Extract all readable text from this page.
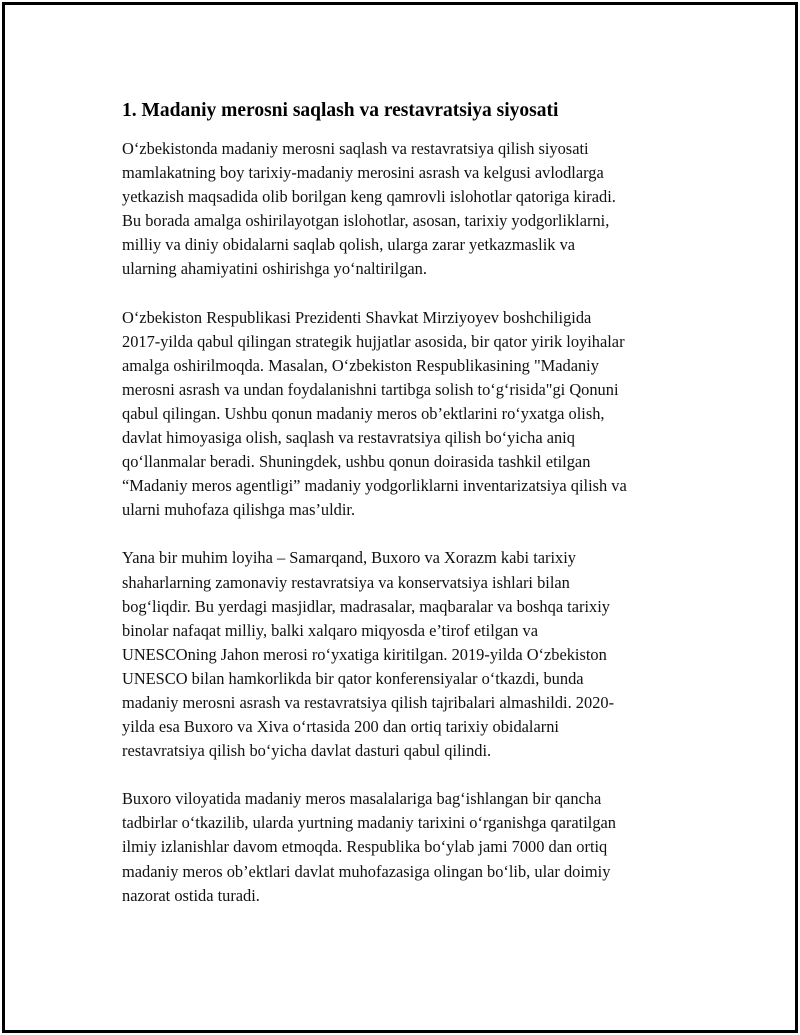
1. Madaniy merosni saqlash va restavratsiya siyosati

O‘zbekistonda madaniy merosni saqlash va restavratsiya qilish siyosati
mamlakatning boy tarixiy-madaniy merosini asrash va kelgusi avlodlarga
yetkazish maqsadida olib borilgan keng qamrovli islohotlar qatoriga kiradi.
Bu borada amalga oshirilayotgan islohotlar, asosan, tarixiy yodgorliklarni,
milliy va diniy obidalarni saqlab qolish, ularga zarar yetkazmaslik va
ularning ahamiyatini oshirishga yo‘naltirilgan.

O‘zbekiston Respublikasi Prezidenti Shavkat Mirziyoyev boshchiligida
2017-yilda qabul qilingan strategik hujjatlar asosida, bir qator yirik loyihalar
amalga oshirilmoqda. Masalan, O‘zbekiston Respublikasining "Madaniy
merosni asrash va undan foydalanishni tartibga solish to‘g‘risida"gi Qonuni
qabul qilingan. Ushbu qonun madaniy meros ob’ektlarini ro‘yxatga olish,
davlat himoyasiga olish, saqlash va restavratsiya qilish bo‘yicha aniq
qo‘llanmalar beradi. Shuningdek, ushbu qonun doirasida tashkil etilgan
“Madaniy meros agentligi” madaniy yodgorliklarni inventarizatsiya qilish va
ularni muhofaza qilishga mas’uldir.

Yana bir muhim loyiha – Samarqand, Buxoro va Xorazm kabi tarixiy
shaharlarning zamonaviy restavratsiya va konservatsiya ishlari bilan
bog‘liqdir. Bu yerdagi masjidlar, madrasalar, maqbaralar va boshqa tarixiy
binolar nafaqat milliy, balki xalqaro miqyosda e’tirof etilgan va
UNESCOning Jahon merosi ro‘yxatiga kiritilgan. 2019-yilda O‘zbekiston
UNESCO bilan hamkorlikda bir qator konferensiyalar o‘tkazdi, bunda
madaniy merosni asrash va restavratsiya qilish tajribalari almashildi. 2020-
yilda esa Buxoro va Xiva o‘rtasida 200 dan ortiq tarixiy obidalarni
restavratsiya qilish bo‘yicha davlat dasturi qabul qilindi.

Buxoro viloyatida madaniy meros masalalariga bag‘ishlangan bir qancha
tadbirlar o‘tkazilib, ularda yurtning madaniy tarixini o‘rganishga qaratilgan
ilmiy izlanishlar davom etmoqda. Respublika bo‘ylab jami 7000 dan ortiq
madaniy meros ob’ektlari davlat muhofazasiga olingan bo‘lib, ular doimiy
nazorat ostida turadi.
